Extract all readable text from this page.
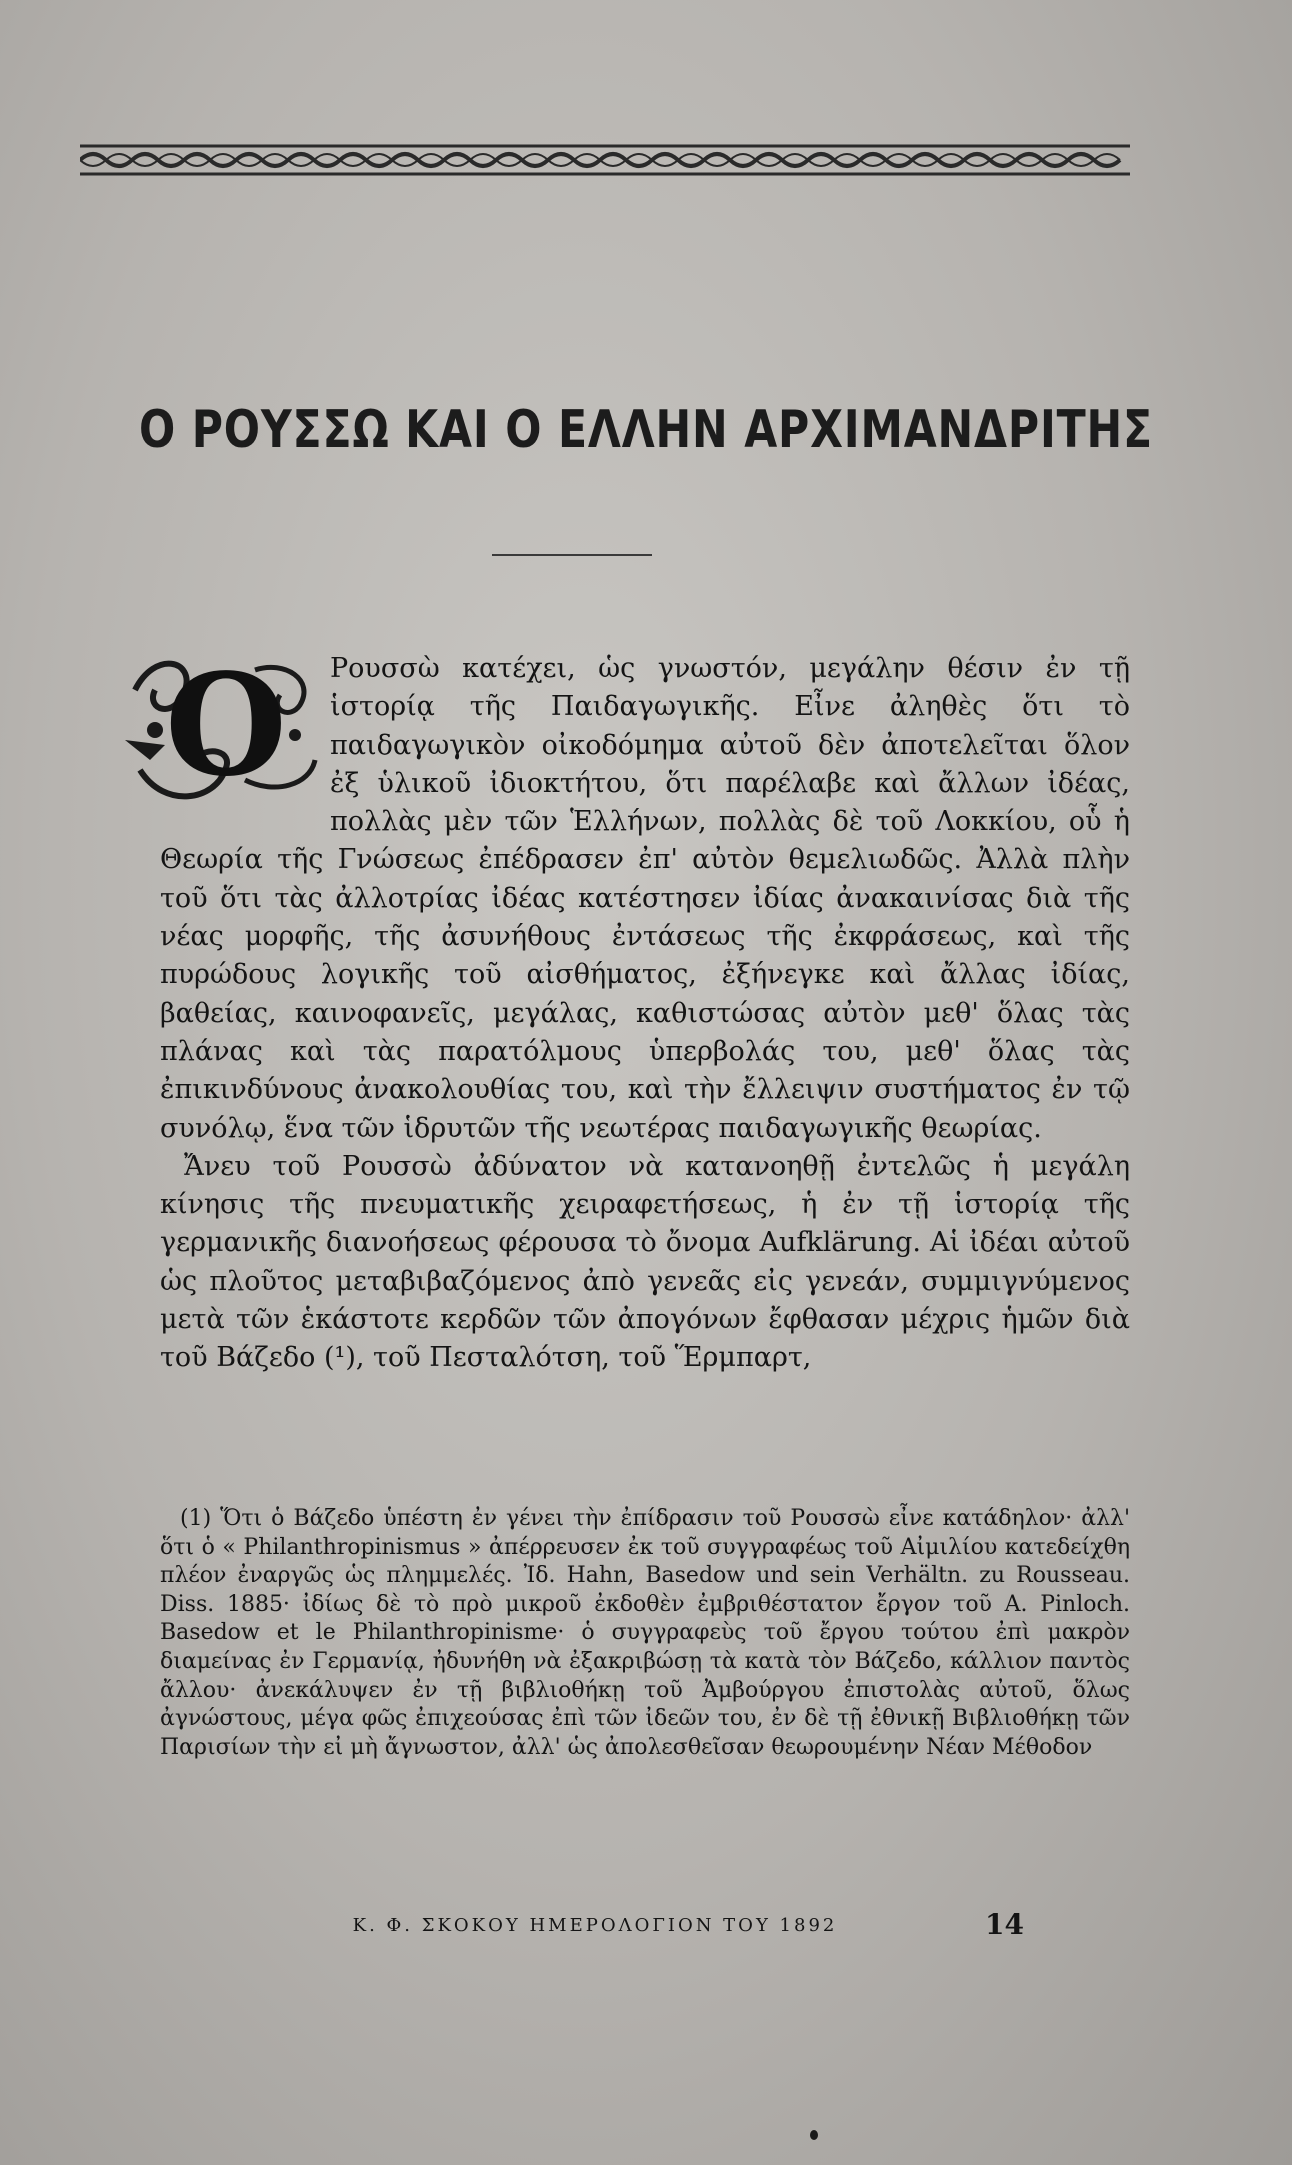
Ο ΡΟΥΣΣΩ ΚΑΙ Ο ΕΛΛΗΝ ΑΡΧΙΜΑΝΔΡΙΤΗΣ

Ο Ρουσσὼ κατέχει, ὡς γνωστόν, μεγάλην θέσιν ἐν τῇ ἱστορίᾳ τῆς Παιδαγωγικῆς. Εἶνε ἀληθὲς ὅτι τὸ παιδαγωγικὸν οἰκοδόμημα αὐτοῦ δὲν ἀποτελεῖται ὅλον ἐξ ὑλικοῦ ἰδιοκτήτου, ὅτι παρέλαβε καὶ ἄλλων ἰδέας, πολλὰς μὲν τῶν Ἑλλήνων, πολλὰς δὲ τοῦ Λοκκίου, οὗ ἡ Θεωρία τῆς Γνώσεως ἐπέδρασεν ἐπ' αὐτὸν θεμελιωδῶς. Ἀλλὰ πλὴν τοῦ ὅτι τὰς ἀλλοτρίας ἰδέας κατέστησεν ἰδίας ἀνακαινίσας διὰ τῆς νέας μορφῆς, τῆς ἀσυνήθους ἐντάσεως τῆς ἐκφράσεως, καὶ τῆς πυρώδους λογικῆς τοῦ αἰσθήματος, ἐξήνεγκε καὶ ἄλλας ἰδίας, βαθείας, καινοφανεῖς, μεγάλας, καθιστώσας αὐτὸν μεθ' ὅλας τὰς πλάνας καὶ τὰς παρατόλμους ὑπερβολάς του, μεθ' ὅλας τὰς ἐπικινδύνους ἀνακολουθίας του, καὶ τὴν ἔλλειψιν συστήματος ἐν τῷ συνόλῳ, ἕνα τῶν ἱδρυτῶν τῆς νεωτέρας παιδαγωγικῆς θεωρίας.

Ἄνευ τοῦ Ρουσσὼ ἀδύνατον νὰ κατανοηθῇ ἐντελῶς ἡ μεγάλη κίνησις τῆς πνευματικῆς χειραφετήσεως, ἡ ἐν τῇ ἱστορίᾳ τῆς γερμανικῆς διανοήσεως φέρουσα τὸ ὄνομα Aufklärung. Αἱ ἰδέαι αὐτοῦ ὡς πλοῦτος μεταβιβαζόμενος ἀπὸ γενεᾶς εἰς γενεάν, συμμιγνύμενος μετὰ τῶν ἑκάστοτε κερδῶν τῶν ἀπογόνων ἔφθασαν μέχρις ἡμῶν διὰ τοῦ Βάζεδο (¹), τοῦ Πεσταλότση, τοῦ Ἕρμπαρτ,

(1) Ὅτι ὁ Βάζεδο ὑπέστη ἐν γένει τὴν ἐπίδρασιν τοῦ Ρουσσὼ εἶνε κατάδηλον· ἀλλ' ὅτι ὁ « Philanthropinismus » ἀπέρρευσεν ἐκ τοῦ συγγραφέως τοῦ Αἰμιλίου κατεδείχθη πλέον ἐναργῶς ὡς πλημμελές. Ἰδ. Hahn, Basedow und sein Verhältn. zu Rousseau. Diss. 1885· ἰδίως δὲ τὸ πρὸ μικροῦ ἐκδοθὲν ἐμβριθέστατον ἔργον τοῦ A. Pinloch. Basedow et le Philanthropinisme· ὁ συγγραφεὺς τοῦ ἔργου τούτου ἐπὶ μακρὸν διαμείνας ἐν Γερμανίᾳ, ἠδυνήθη νὰ ἐξακριβώσῃ τὰ κατὰ τὸν Βάζεδο, κάλλιον παντὸς ἄλλου· ἀνεκάλυψεν ἐν τῇ βιβλιοθήκῃ τοῦ Ἀμβούργου ἐπιστολὰς αὐτοῦ, ὅλως ἀγνώστους, μέγα φῶς ἐπιχεούσας ἐπὶ τῶν ἰδεῶν του, ἐν δὲ τῇ ἐθνικῇ Βιβλιοθήκῃ τῶν Παρισίων τὴν εἰ μὴ ἄγνωστον, ἀλλ' ὡς ἀπολεσθεῖσαν θεωρουμένην Νέαν Μέθοδον

Κ. Φ. ΣΚΟΚΟΥ ΗΜΕΡΟΛΟΓΙΟΝ ΤΟΥ 1892	14
